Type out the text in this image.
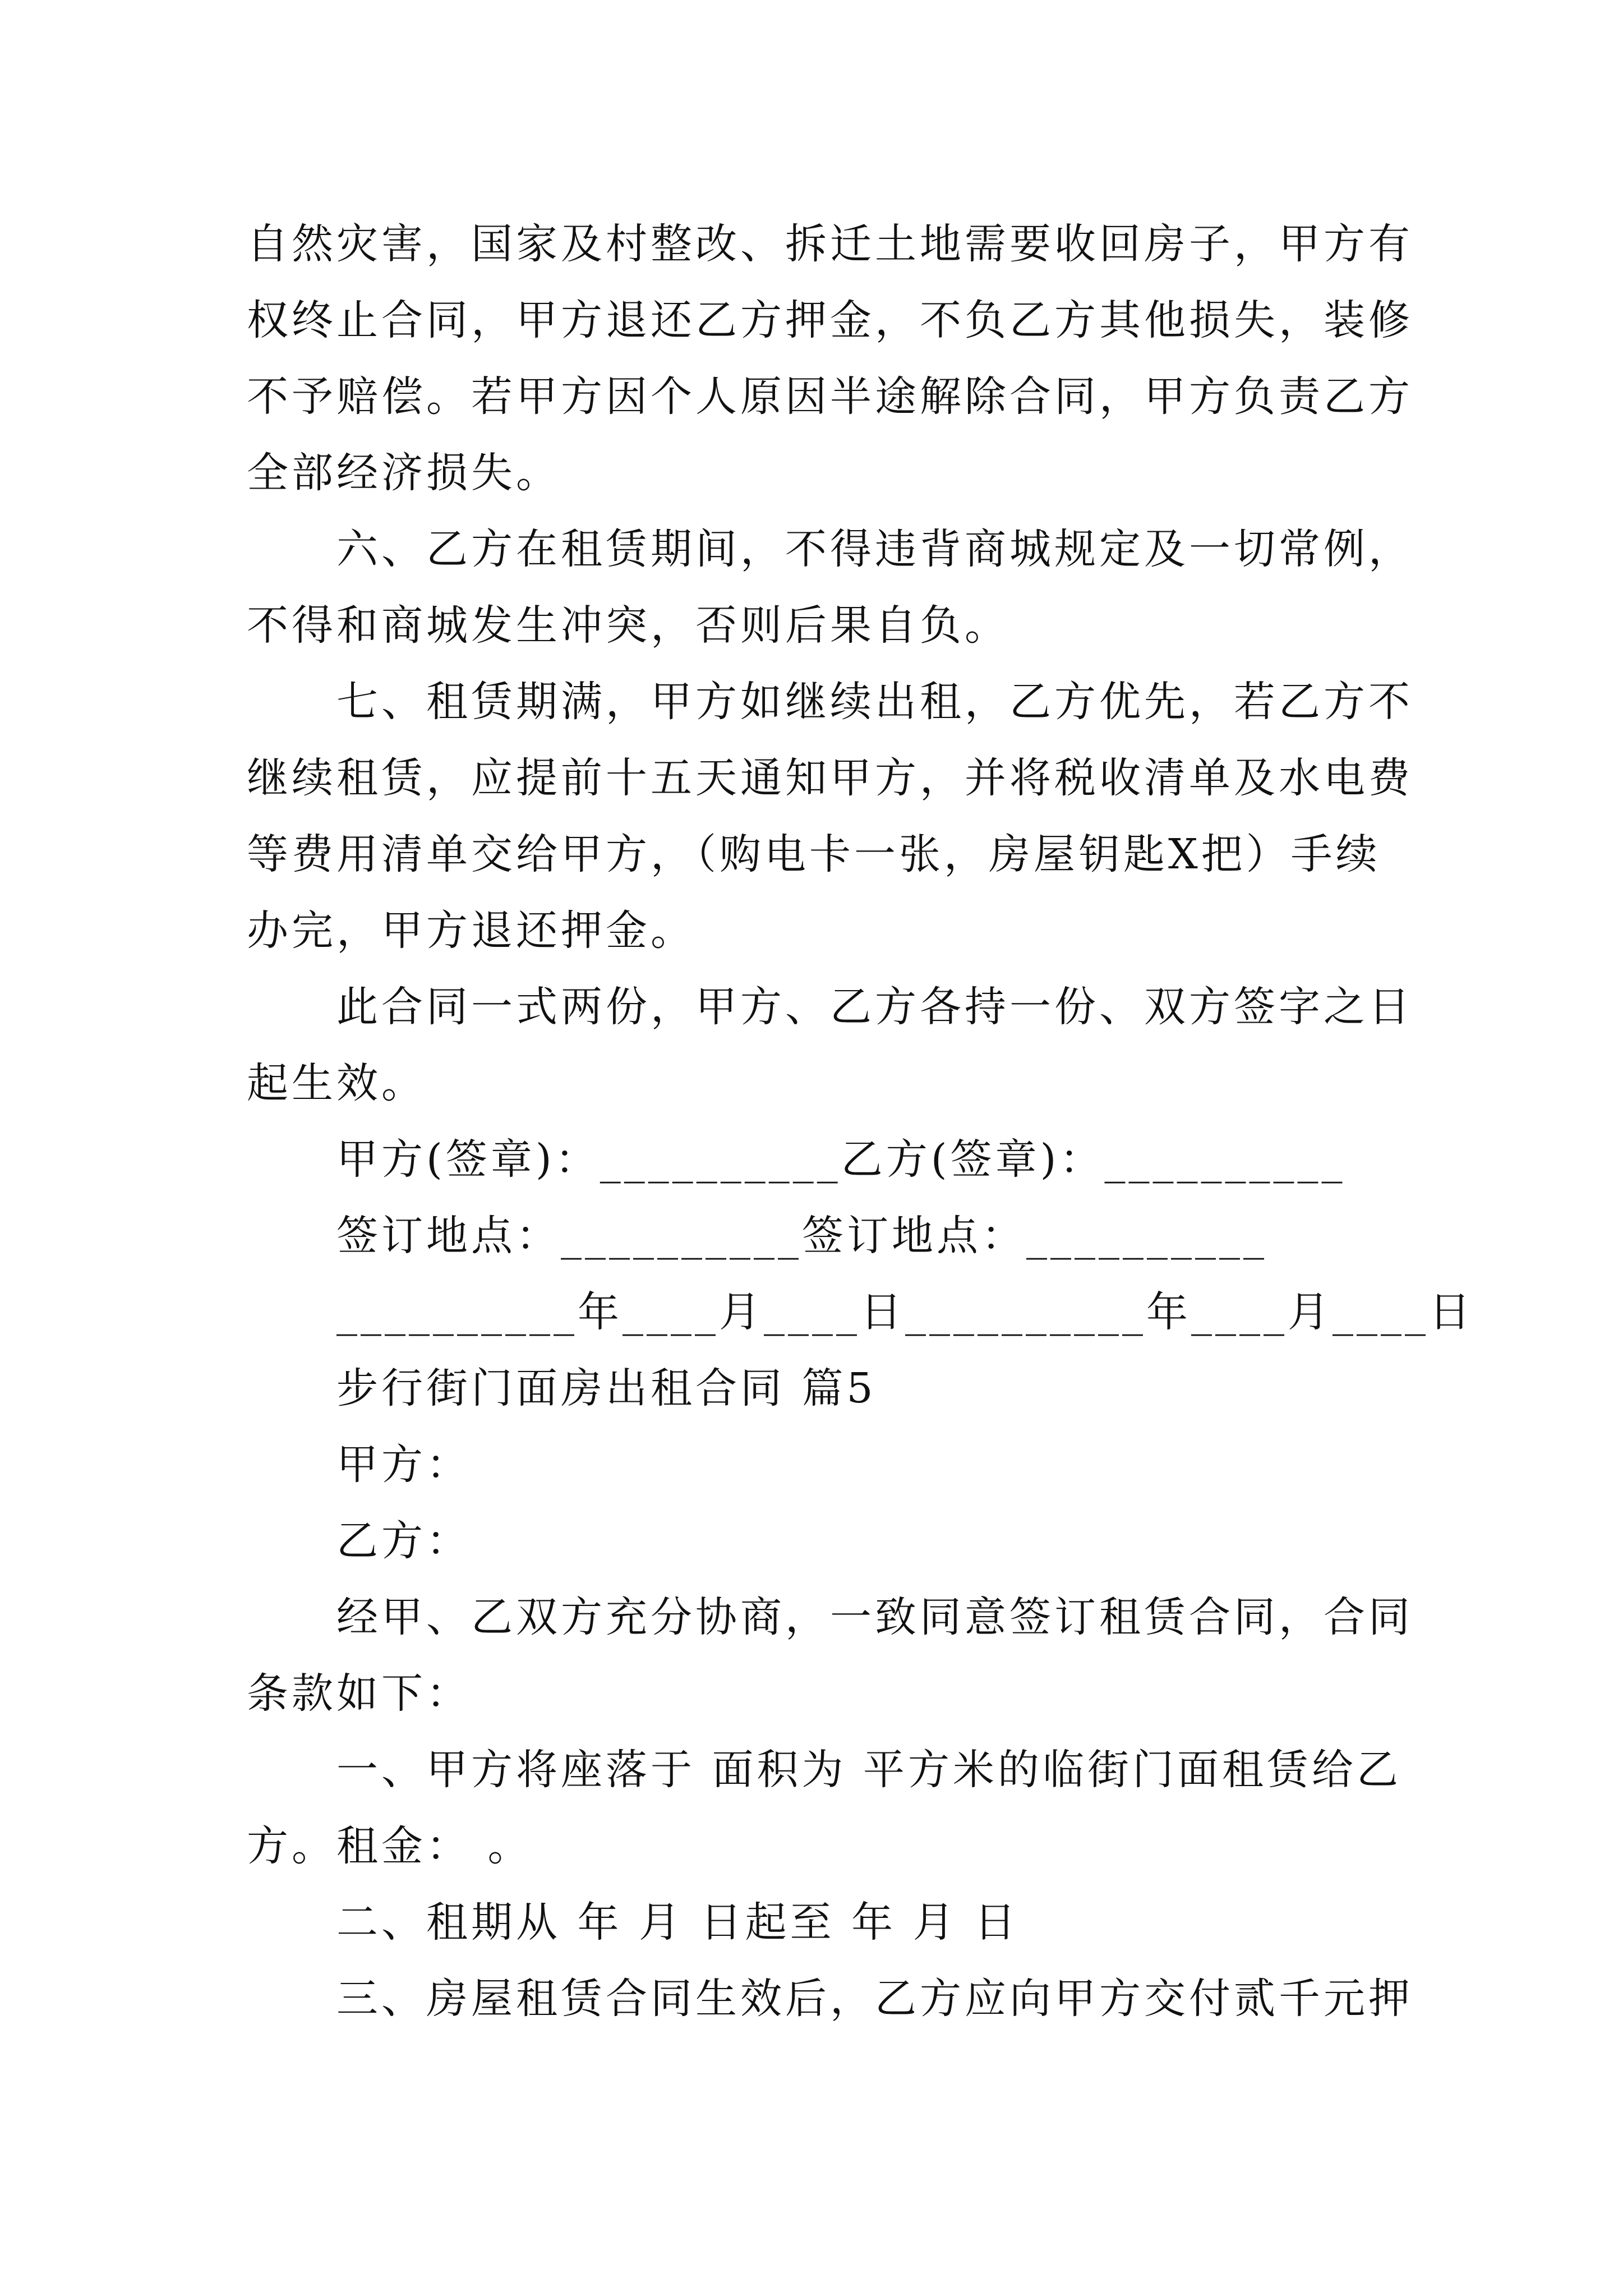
自然灾害，国家及村整改、拆迁土地需要收回房子，甲方有
权终止合同，甲方退还乙方押金，不负乙方其他损失，装修
不予赔偿。若甲方因个人原因半途解除合同，甲方负责乙方
全部经济损失。
六、乙方在租赁期间，不得违背商城规定及一切常例，
不得和商城发生冲突，否则后果自负。
七、租赁期满，甲方如继续出租，乙方优先，若乙方不
继续租赁，应提前十五天通知甲方，并将税收清单及水电费
等费用清单交给甲方，（购电卡一张，房屋钥匙X把）手续
办完，甲方退还押金。
此合同一式两份，甲方、乙方各持一份、双方签字之日
起生效。
甲方(签章)：__________乙方(签章)：__________
签订地点：__________签订地点：__________
__________年____月____日__________年____月____日
步行街门面房出租合同 篇5
甲方：
乙方：
经甲、乙双方充分协商，一致同意签订租赁合同，合同
条款如下：
一、甲方将座落于 面积为 平方米的临街门面租赁给乙
方。租金： 。
二、租期从 年 月 日起至 年 月 日
三、房屋租赁合同生效后，乙方应向甲方交付贰千元押
